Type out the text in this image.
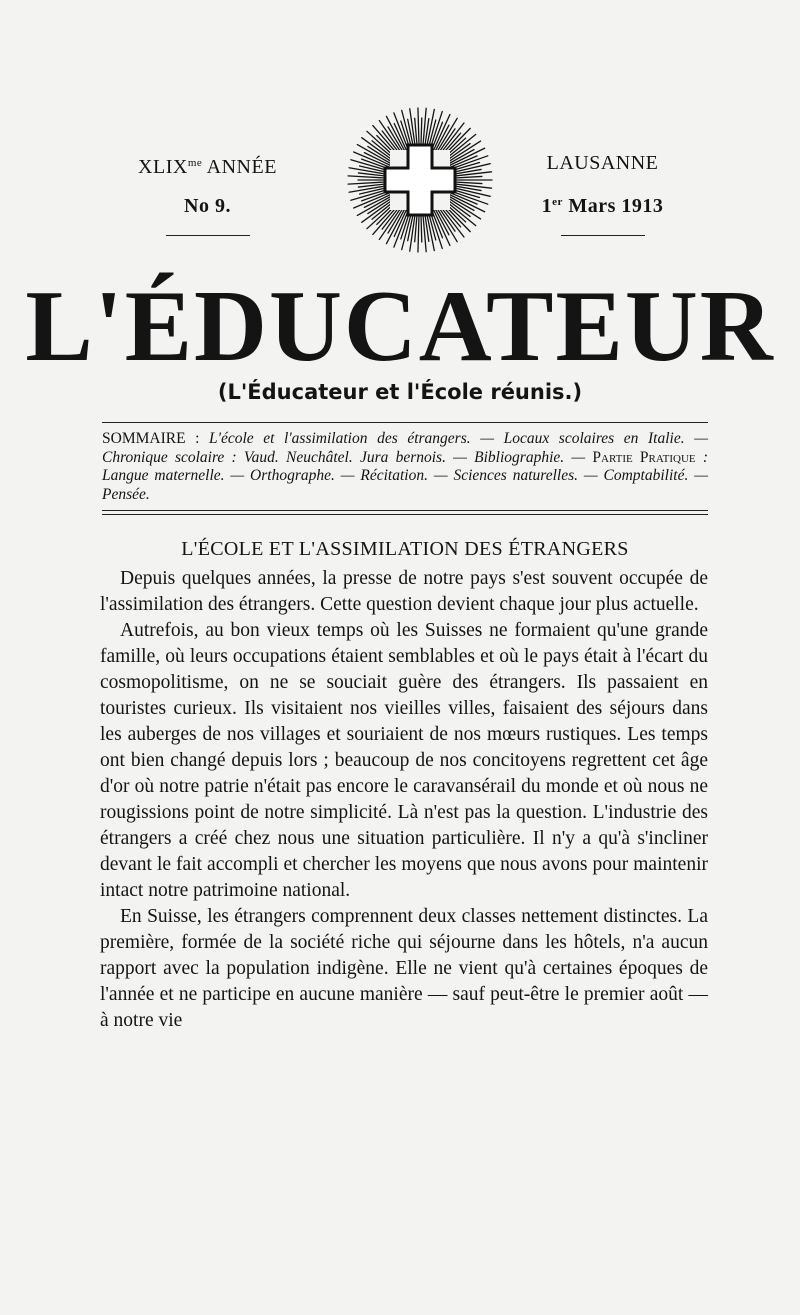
$XLIX^{me}$ ANNÉE
No 9.
LAUSANNE
1er Mars 1913
L'ÉDUCATEUR
(L'Éducateur et l'École réunis.)
SOMMAIRE : L'école et l'assimilation des étrangers. — Locaux scolaires en Italie. — Chronique scolaire : Vaud. Neuchâtel. Jura bernois. — Bibliographie. — Partie Pratique : Langue maternelle. — Orthographe. — Récitation. — Sciences naturelles. — Comptabilité. — Pensée.
L'ÉCOLE ET L'ASSIMILATION DES ÉTRANGERS

Depuis quelques années, la presse de notre pays s'est souvent occupée de l'assimilation des étrangers. Cette question devient chaque jour plus actuelle.

Autrefois, au bon vieux temps où les Suisses ne formaient qu'une grande famille, où leurs occupations étaient semblables et où le pays était à l'écart du cosmopolitisme, on ne se souciait guère des étrangers. Ils passaient en touristes curieux. Ils visitaient nos vieilles villes, faisaient des séjours dans les auberges de nos villages et souriaient de nos mœurs rustiques. Les temps ont bien changé depuis lors ; beaucoup de nos concitoyens regrettent cet âge d'or où notre patrie n'était pas encore le caravansérail du monde et où nous ne rougissions point de notre simplicité. Là n'est pas la question. L'industrie des étrangers a créé chez nous une situation particulière. Il n'y a qu'à s'incliner devant le fait accompli et chercher les moyens que nous avons pour maintenir intact notre patrimoine national.

En Suisse, les étrangers comprennent deux classes nettement distinctes. La première, formée de la société riche qui séjourne dans les hôtels, n'a aucun rapport avec la population indigène. Elle ne vient qu'à certaines époques de l'année et ne participe en aucune manière — sauf peut-être le premier août — à notre vie
